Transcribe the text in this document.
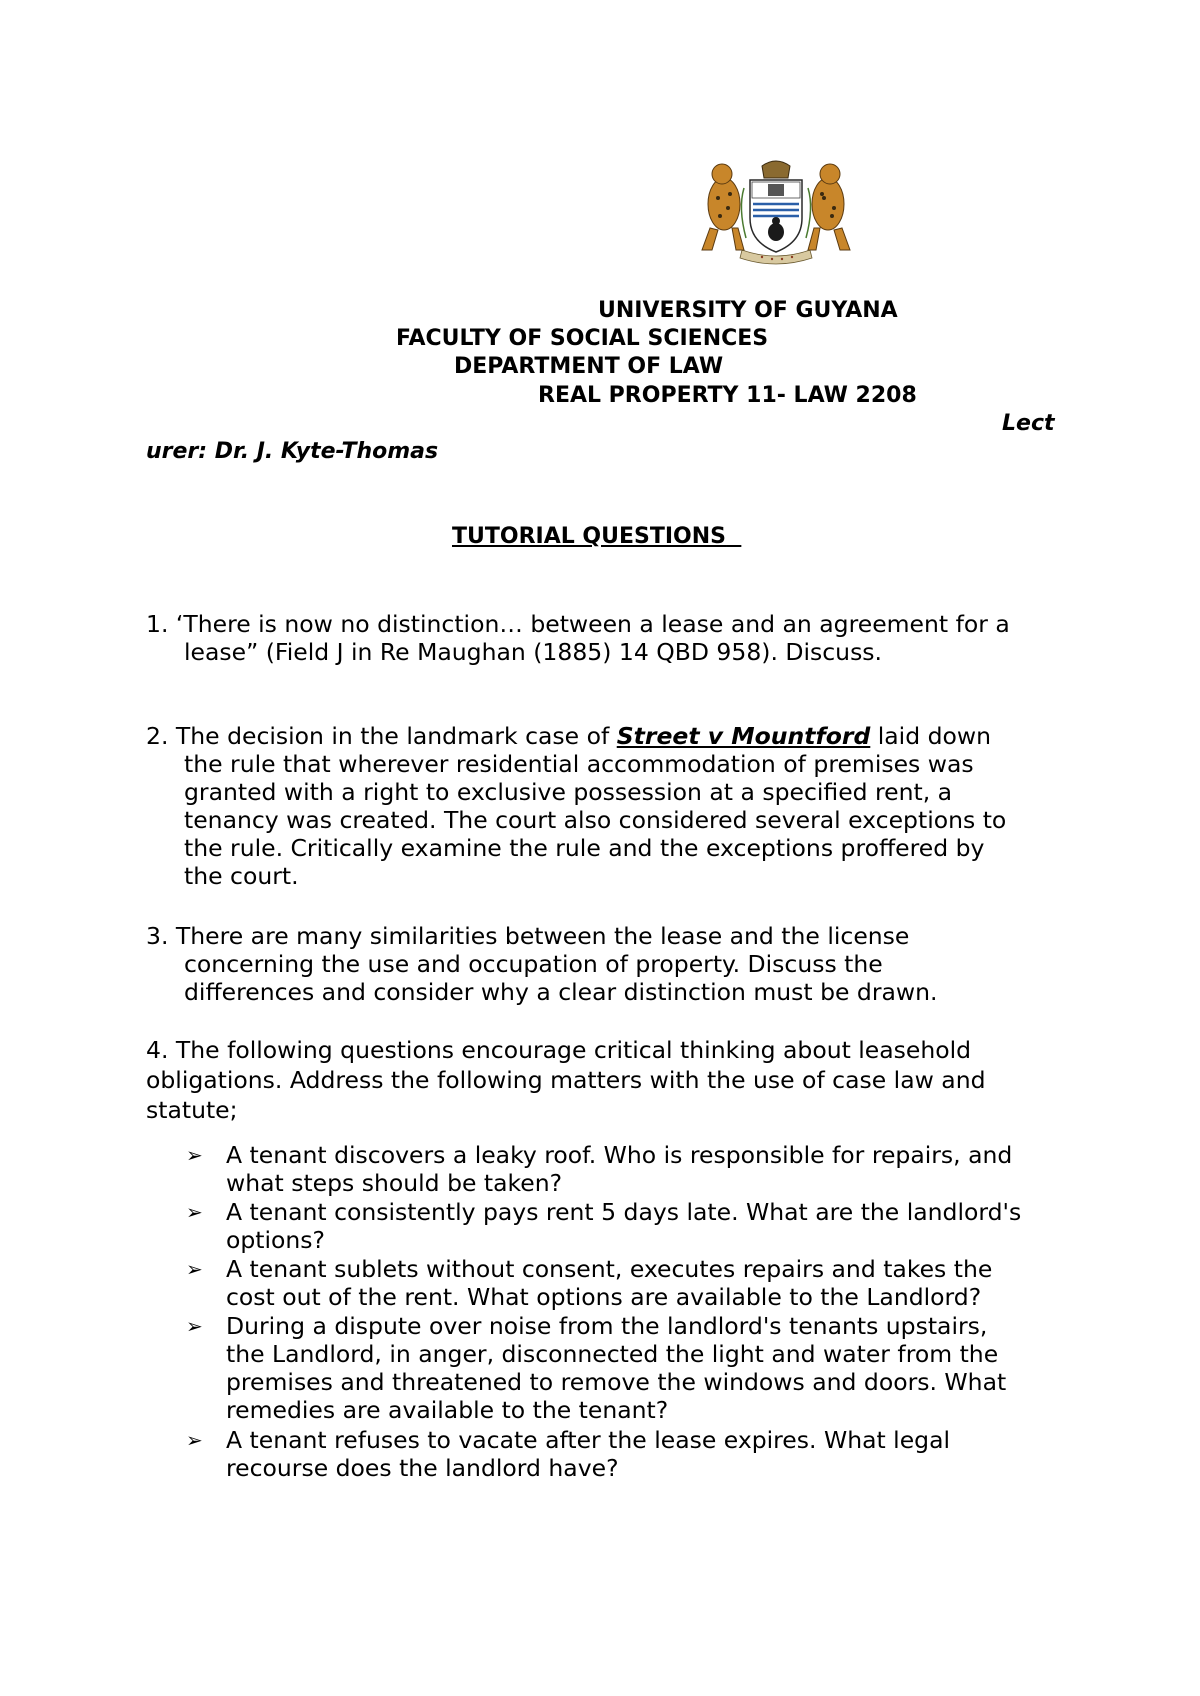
UNIVERSITY OF GUYANA
FACULTY OF SOCIAL SCIENCES
DEPARTMENT OF LAW
REAL PROPERTY 11- LAW 2208
Lect
urer: Dr. J. Kyte-Thomas
TUTORIAL QUESTIONS
1. ‘There is now no distinction… between a lease and an agreement for a
lease” (Field J in Re Maughan (1885) 14 QBD 958). Discuss.
2. The decision in the landmark case of Street v Mountford laid down
the rule that wherever residential accommodation of premises was
granted with a right to exclusive possession at a specified rent, a
tenancy was created. The court also considered several exceptions to
the rule. Critically examine the rule and the exceptions proffered by
the court.
3. There are many similarities between the lease and the license
concerning the use and occupation of property. Discuss the
differences and consider why a clear distinction must be drawn.
4. The following questions encourage critical thinking about leasehold
obligations. Address the following matters with the use of case law and
statute;
➢ A tenant discovers a leaky roof. Who is responsible for repairs, and
what steps should be taken?
➢ A tenant consistently pays rent 5 days late. What are the landlord's
options?
➢ A tenant sublets without consent, executes repairs and takes the
cost out of the rent. What options are available to the Landlord?
➢ During a dispute over noise from the landlord's tenants upstairs,
the Landlord, in anger, disconnected the light and water from the
premises and threatened to remove the windows and doors. What
remedies are available to the tenant?
➢ A tenant refuses to vacate after the lease expires. What legal
recourse does the landlord have?
